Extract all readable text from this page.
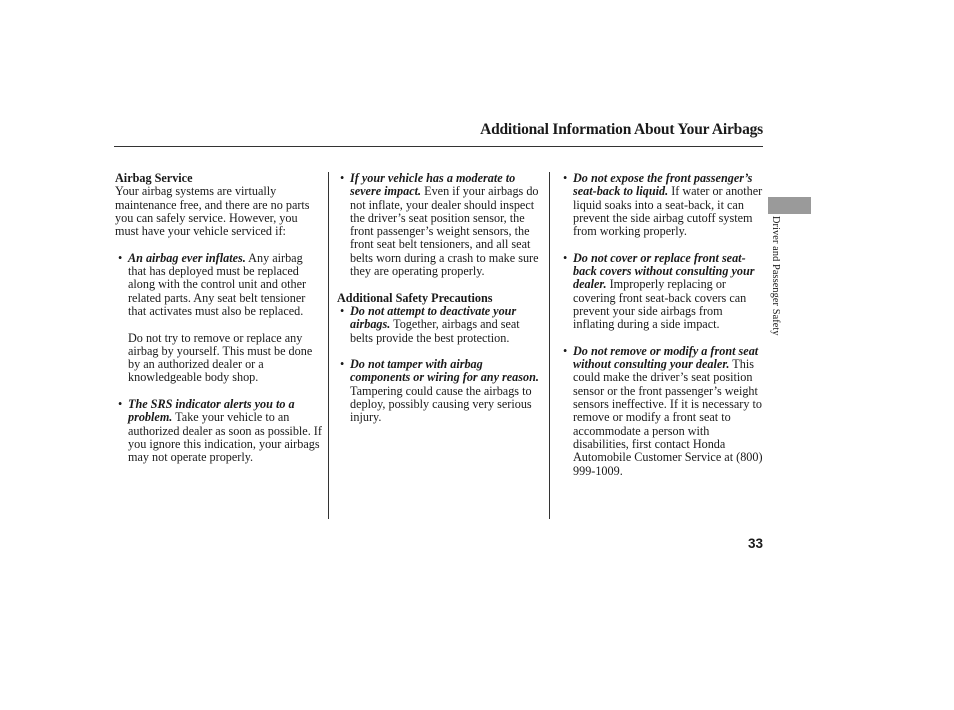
Additional Information About Your Airbags

Airbag Service

Your airbag systems are virtually maintenance free, and there are no parts you can safely service. However, you must have your vehicle serviced if:

• An airbag ever inflates. Any airbag that has deployed must be replaced along with the control unit and other related parts. Any seat belt tensioner that activates must also be replaced.

Do not try to remove or replace any airbag by yourself. This must be done by an authorized dealer or a knowledgeable body shop.

• The SRS indicator alerts you to a problem. Take your vehicle to an authorized dealer as soon as possible. If you ignore this indication, your airbags may not operate properly.
• If your vehicle has a moderate to severe impact. Even if your airbags do not inflate, your dealer should inspect the driver’s seat position sensor, the front passenger’s weight sensors, the front seat belt tensioners, and all seat belts worn during a crash to make sure they are operating properly.

Additional Safety Precautions

• Do not attempt to deactivate your airbags. Together, airbags and seat belts provide the best protection.
• Do not tamper with airbag components or wiring for any reason. Tampering could cause the airbags to deploy, possibly causing very serious injury.
• Do not expose the front passenger’s seat-back to liquid. If water or another liquid soaks into a seat-back, it can prevent the side airbag cutoff system from working properly.
• Do not cover or replace front seat-back covers without consulting your dealer. Improperly replacing or covering front seat-back covers can prevent your side airbags from inflating during a side impact.
• Do not remove or modify a front seat without consulting your dealer. This could make the driver’s seat position sensor or the front passenger’s weight sensors ineffective. If it is necessary to remove or modify a front seat to accommodate a person with disabilities, first contact Honda Automobile Customer Service at (800) 999-1009.
Driver and Passenger Safety
33
